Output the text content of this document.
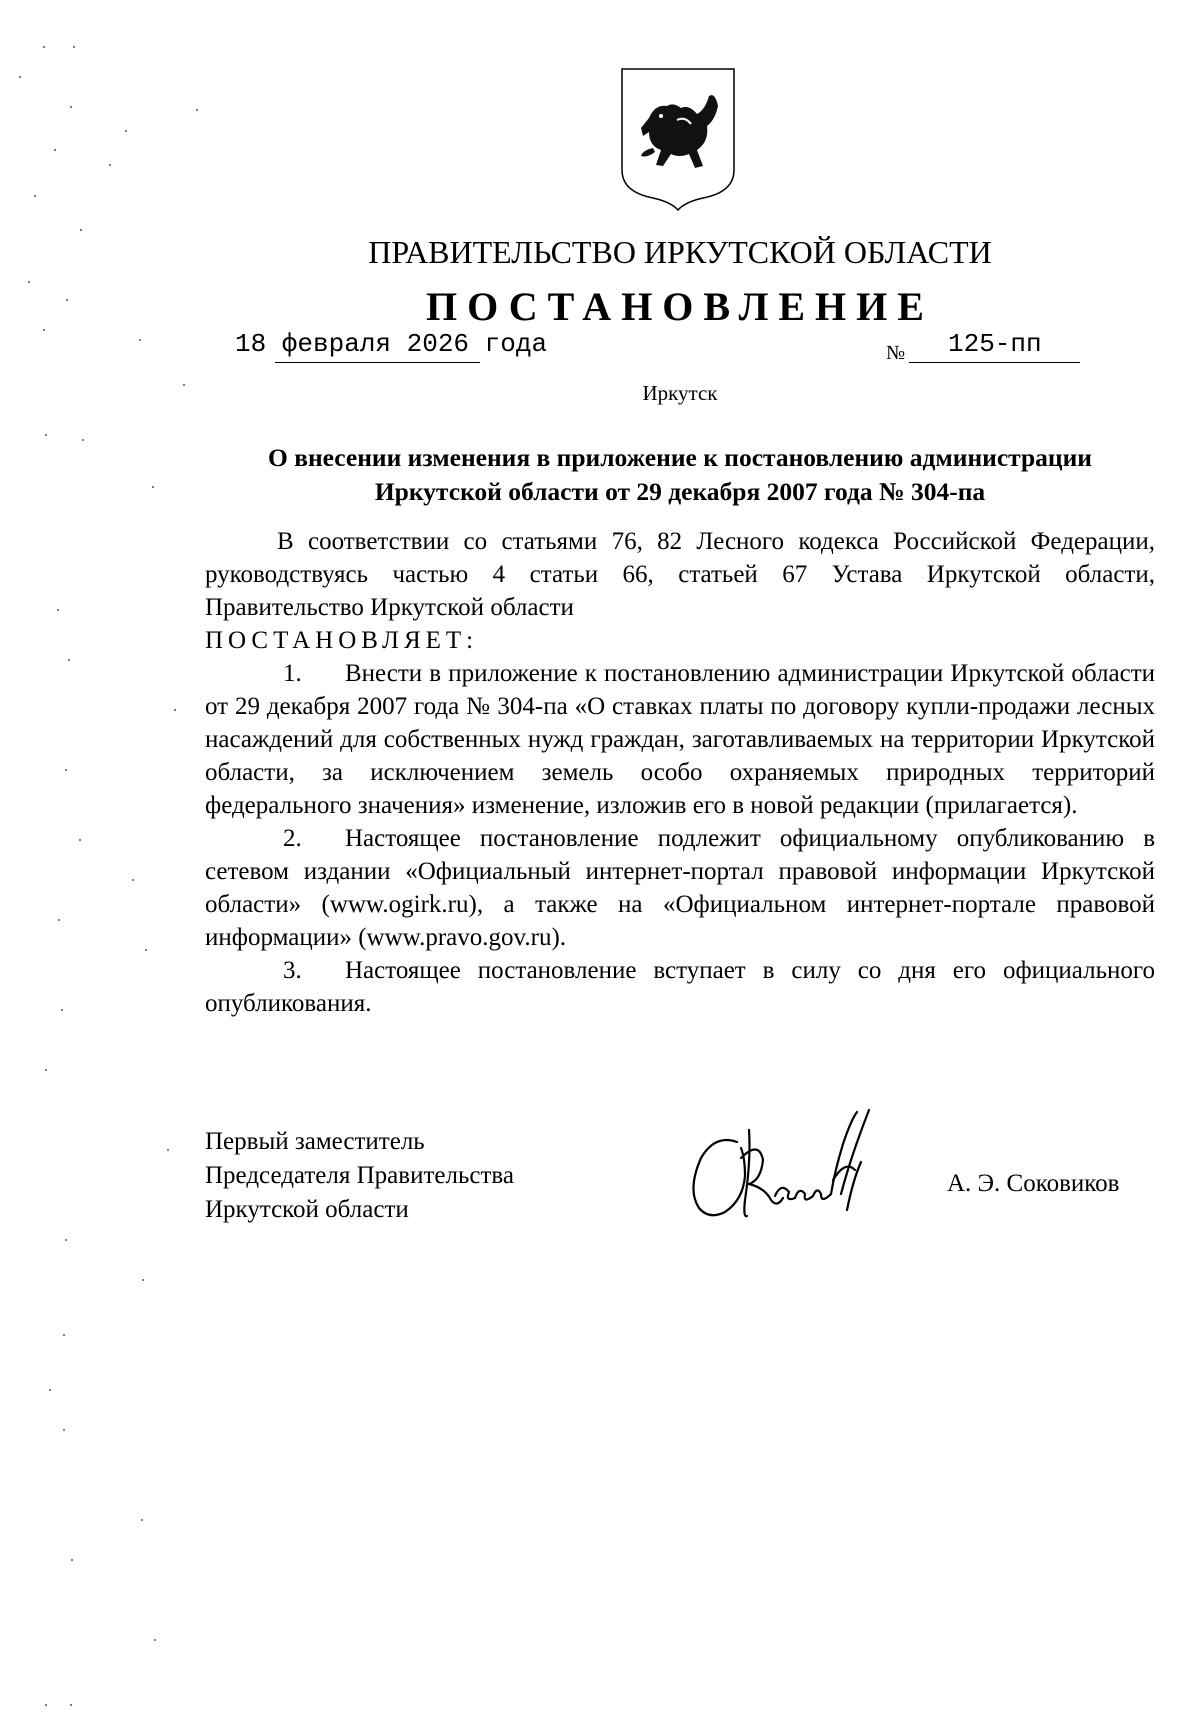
ПРАВИТЕЛЬСТВО ИРКУТСКОЙ ОБЛАСТИ
ПОСТАНОВЛЕНИЕ
18 февраля 2026 года	№ 125-пп
Иркутск
О внесении изменения в приложение к постановлению администрации
Иркутской области от 29 декабря 2007 года № 304-па

В соответствии со статьями 76, 82 Лесного кодекса Российской Федерации, руководствуясь частью 4 статьи 66, статьей 67 Устава Иркутской области, Правительство Иркутской области

ПОСТАНОВЛЯЕТ:

1. Внести в приложение к постановлению администрации Иркутской области от 29 декабря 2007 года № 304-па «О ставках платы по договору купли-продажи лесных насаждений для собственных нужд граждан, заготавливаемых на территории Иркутской области, за исключением земель особо охраняемых природных территорий федерального значения» изменение, изложив его в новой редакции (прилагается).

2. Настоящее постановление подлежит официальному опубликованию в сетевом издании «Официальный интернет-портал правовой информации Иркутской области» (www.ogirk.ru), а также на «Официальном интернет-портале правовой информации» (www.pravo.gov.ru).

3. Настоящее постановление вступает в силу со дня его официального опубликования.

Первый заместитель
Председателя Правительства
Иркутской области
А. Э. Соковиков
